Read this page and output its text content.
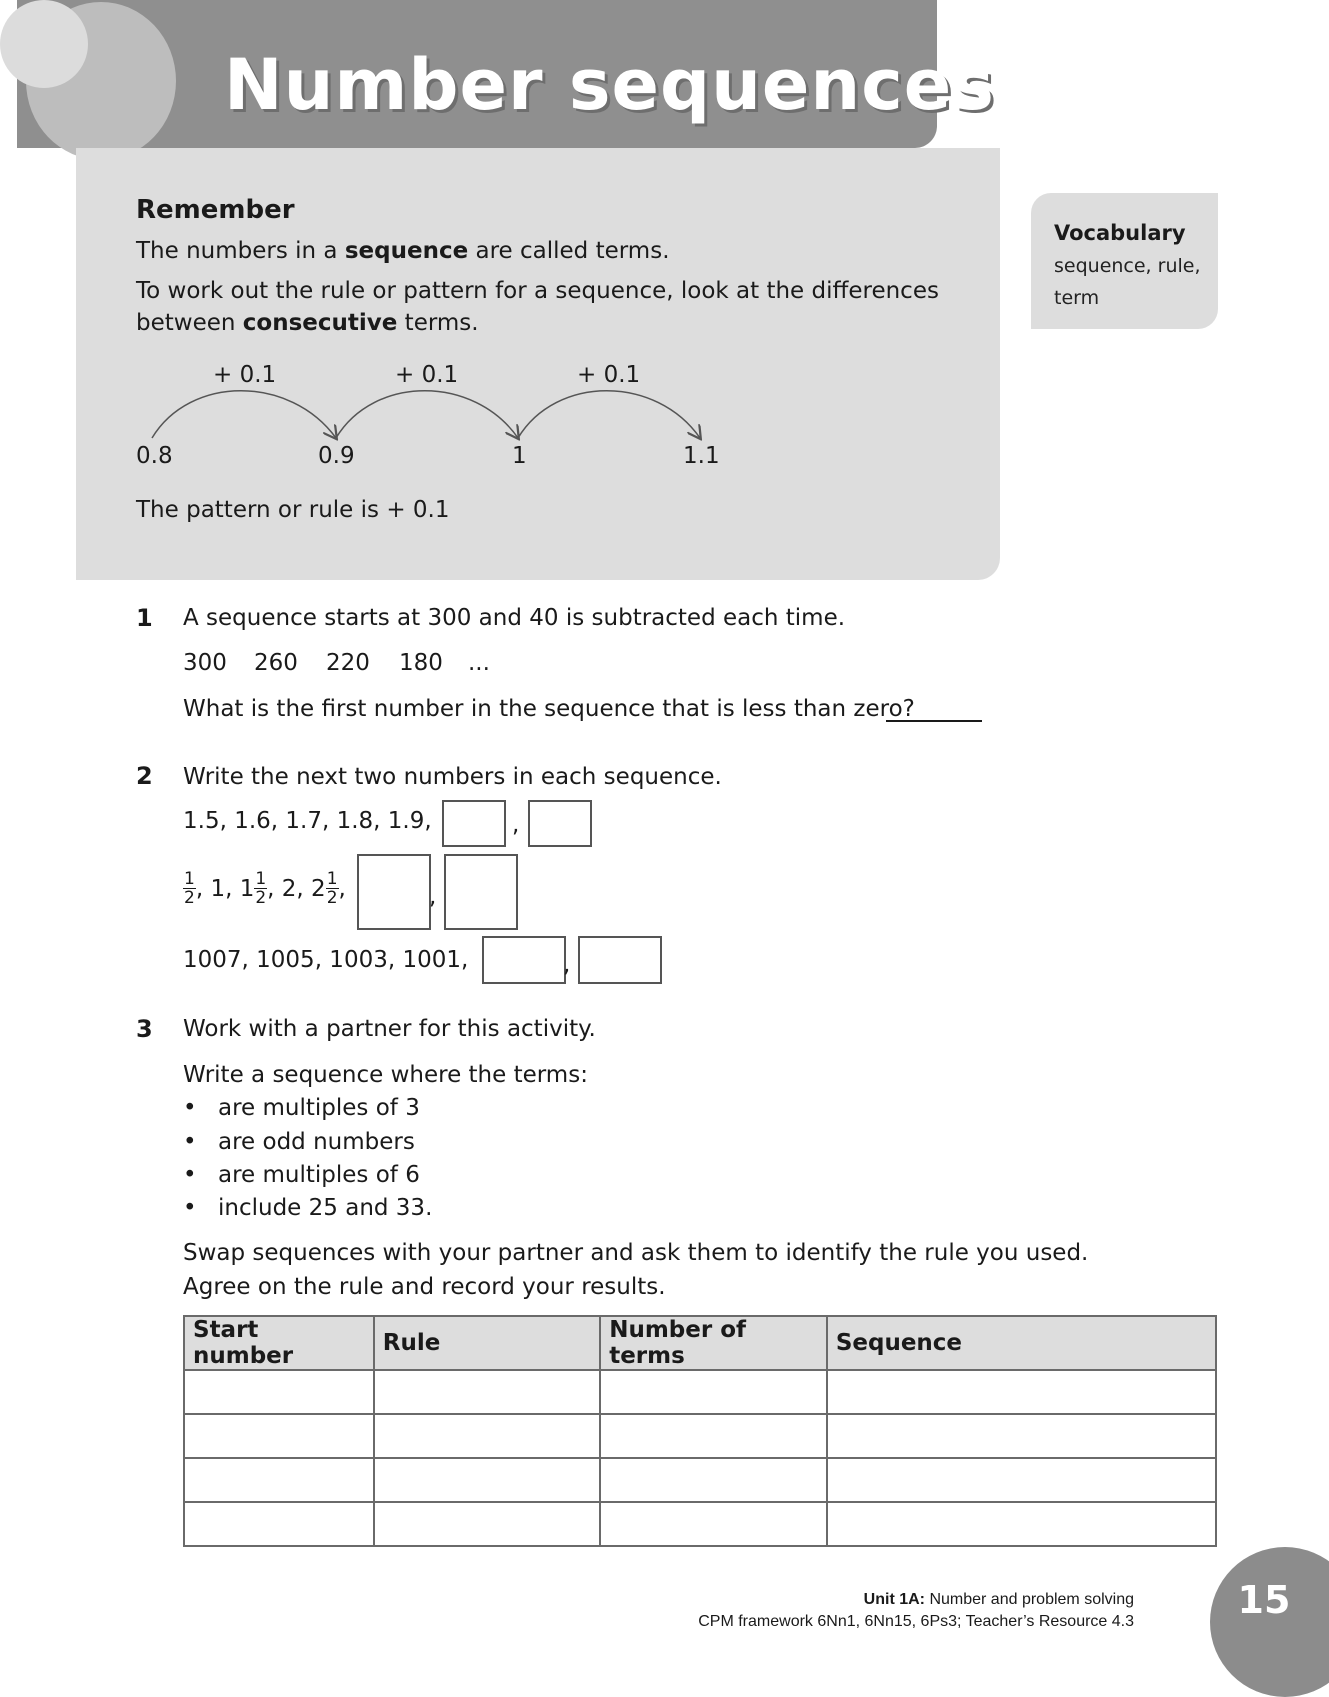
Number sequences
Remember
The numbers in a sequence are called terms.
To work out the rule or pattern for a sequence, look at the differences
between consecutive terms.
+ 0.1	+ 0.1	+ 0.1
0.8	0.9	1	1.1
The pattern or rule is + 0.1
Vocabulary
sequence, rule,
term
1 A sequence starts at 300 and 40 is subtracted each time.
300 260 220 180 ...
What is the first number in the sequence that is less than zero?
2 Write the next two numbers in each sequence.
1.5, 1.6, 1.7, 1.8, 1.9,	,
$\frac{1}{2}$ , 1, $1 \frac{1}{2}$ , 2, $2 \frac{1}{2}$ ,	,
1007, 1005, 1003, 1001,	,
3 Work with a partner for this activity.
Write a sequence where the terms:
• are multiples of 3
• are odd numbers
• are multiples of 6
• include 25 and 33.
Swap sequences with your partner and ask them to identify the rule you used.
Agree on the rule and record your results.
Start number	Rule	Number of terms	Sequence

Unit 1A: Number and problem solving
CPM framework 6Nn1, 6Nn15, 6Ps3; Teacher’s Resource 4.3	15
